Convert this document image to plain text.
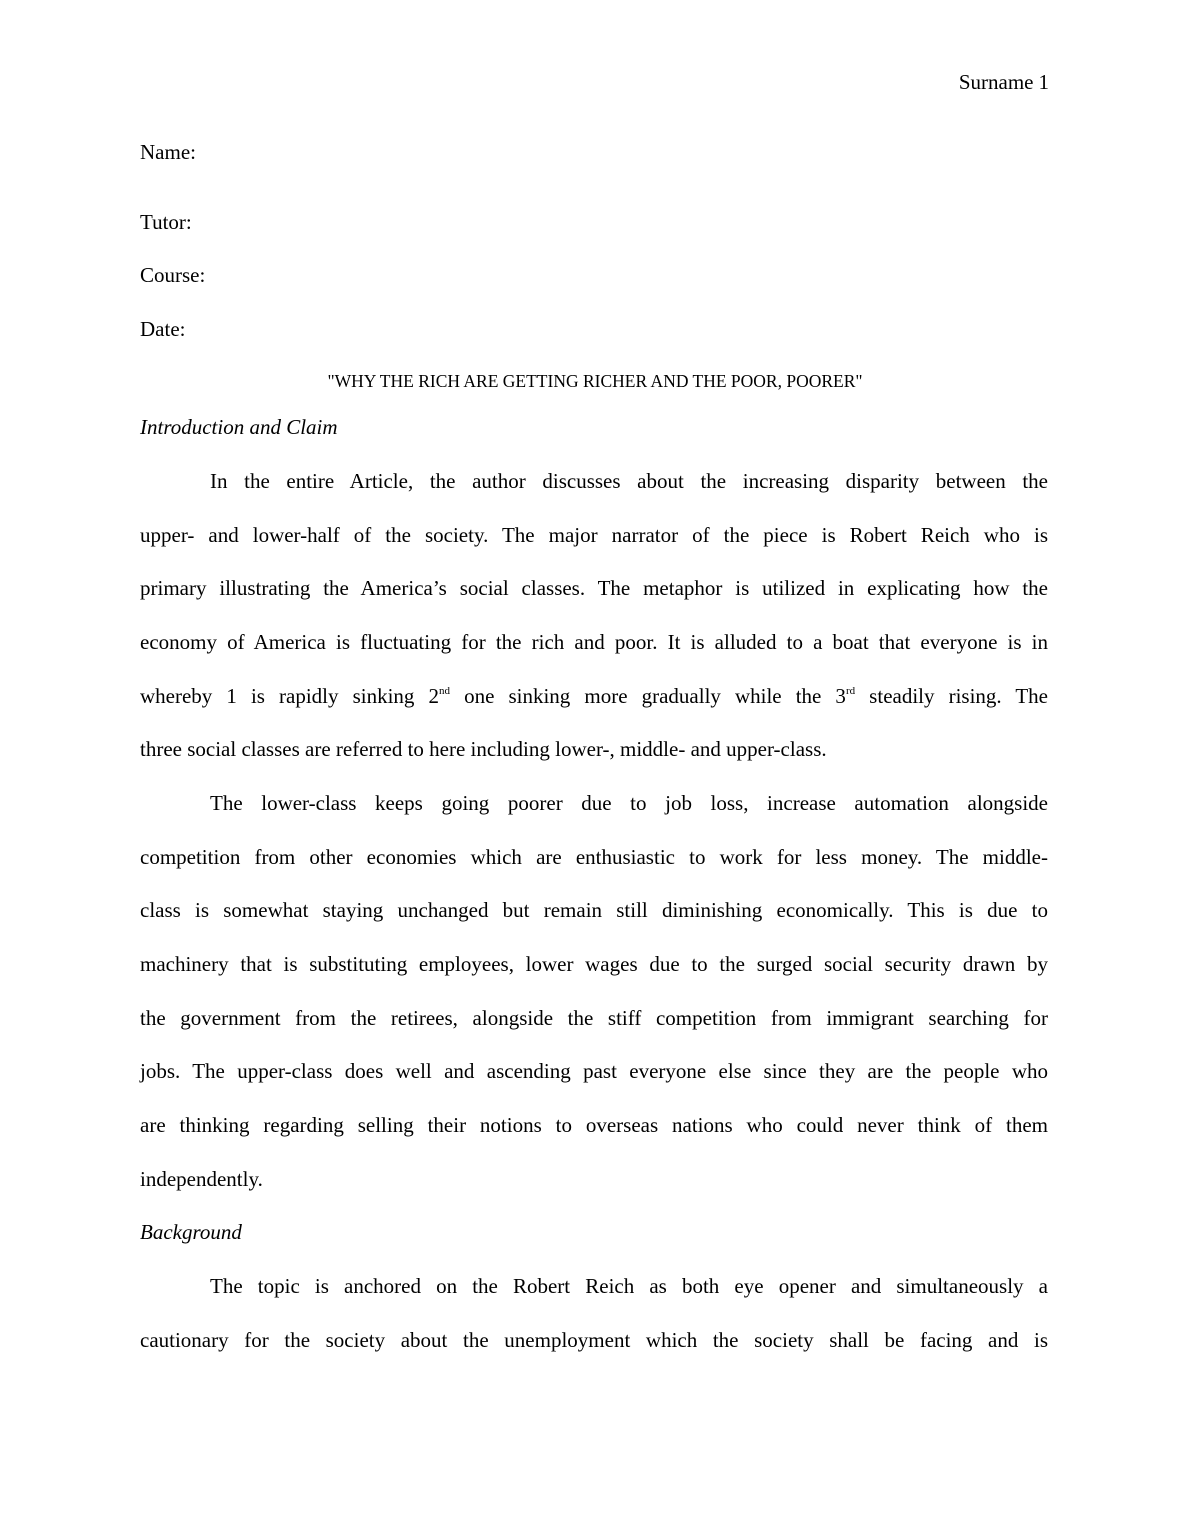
Surname 1
Name:
Tutor:
Course:
Date:
"WHY THE RICH ARE GETTING RICHER AND THE POOR, POORER"
Introduction and Claim
In the entire Article, the author discusses about the increasing disparity between the
upper- and lower-half of the society. The major narrator of the piece is Robert Reich who is
primary illustrating the America’s social classes. The metaphor is utilized in explicating how the
economy of America is fluctuating for the rich and poor. It is alluded to a boat that everyone is in
whereby 1 is rapidly sinking 2nd one sinking more gradually while the 3rd steadily rising. The
three social classes are referred to here including lower-, middle- and upper-class.
The lower-class keeps going poorer due to job loss, increase automation alongside
competition from other economies which are enthusiastic to work for less money. The middle-
class is somewhat staying unchanged but remain still diminishing economically. This is due to
machinery that is substituting employees, lower wages due to the surged social security drawn by
the government from the retirees, alongside the stiff competition from immigrant searching for
jobs. The upper-class does well and ascending past everyone else since they are the people who
are thinking regarding selling their notions to overseas nations who could never think of them
independently.
Background
The topic is anchored on the Robert Reich as both eye opener and simultaneously a
cautionary for the society about the unemployment which the society shall be facing and is
